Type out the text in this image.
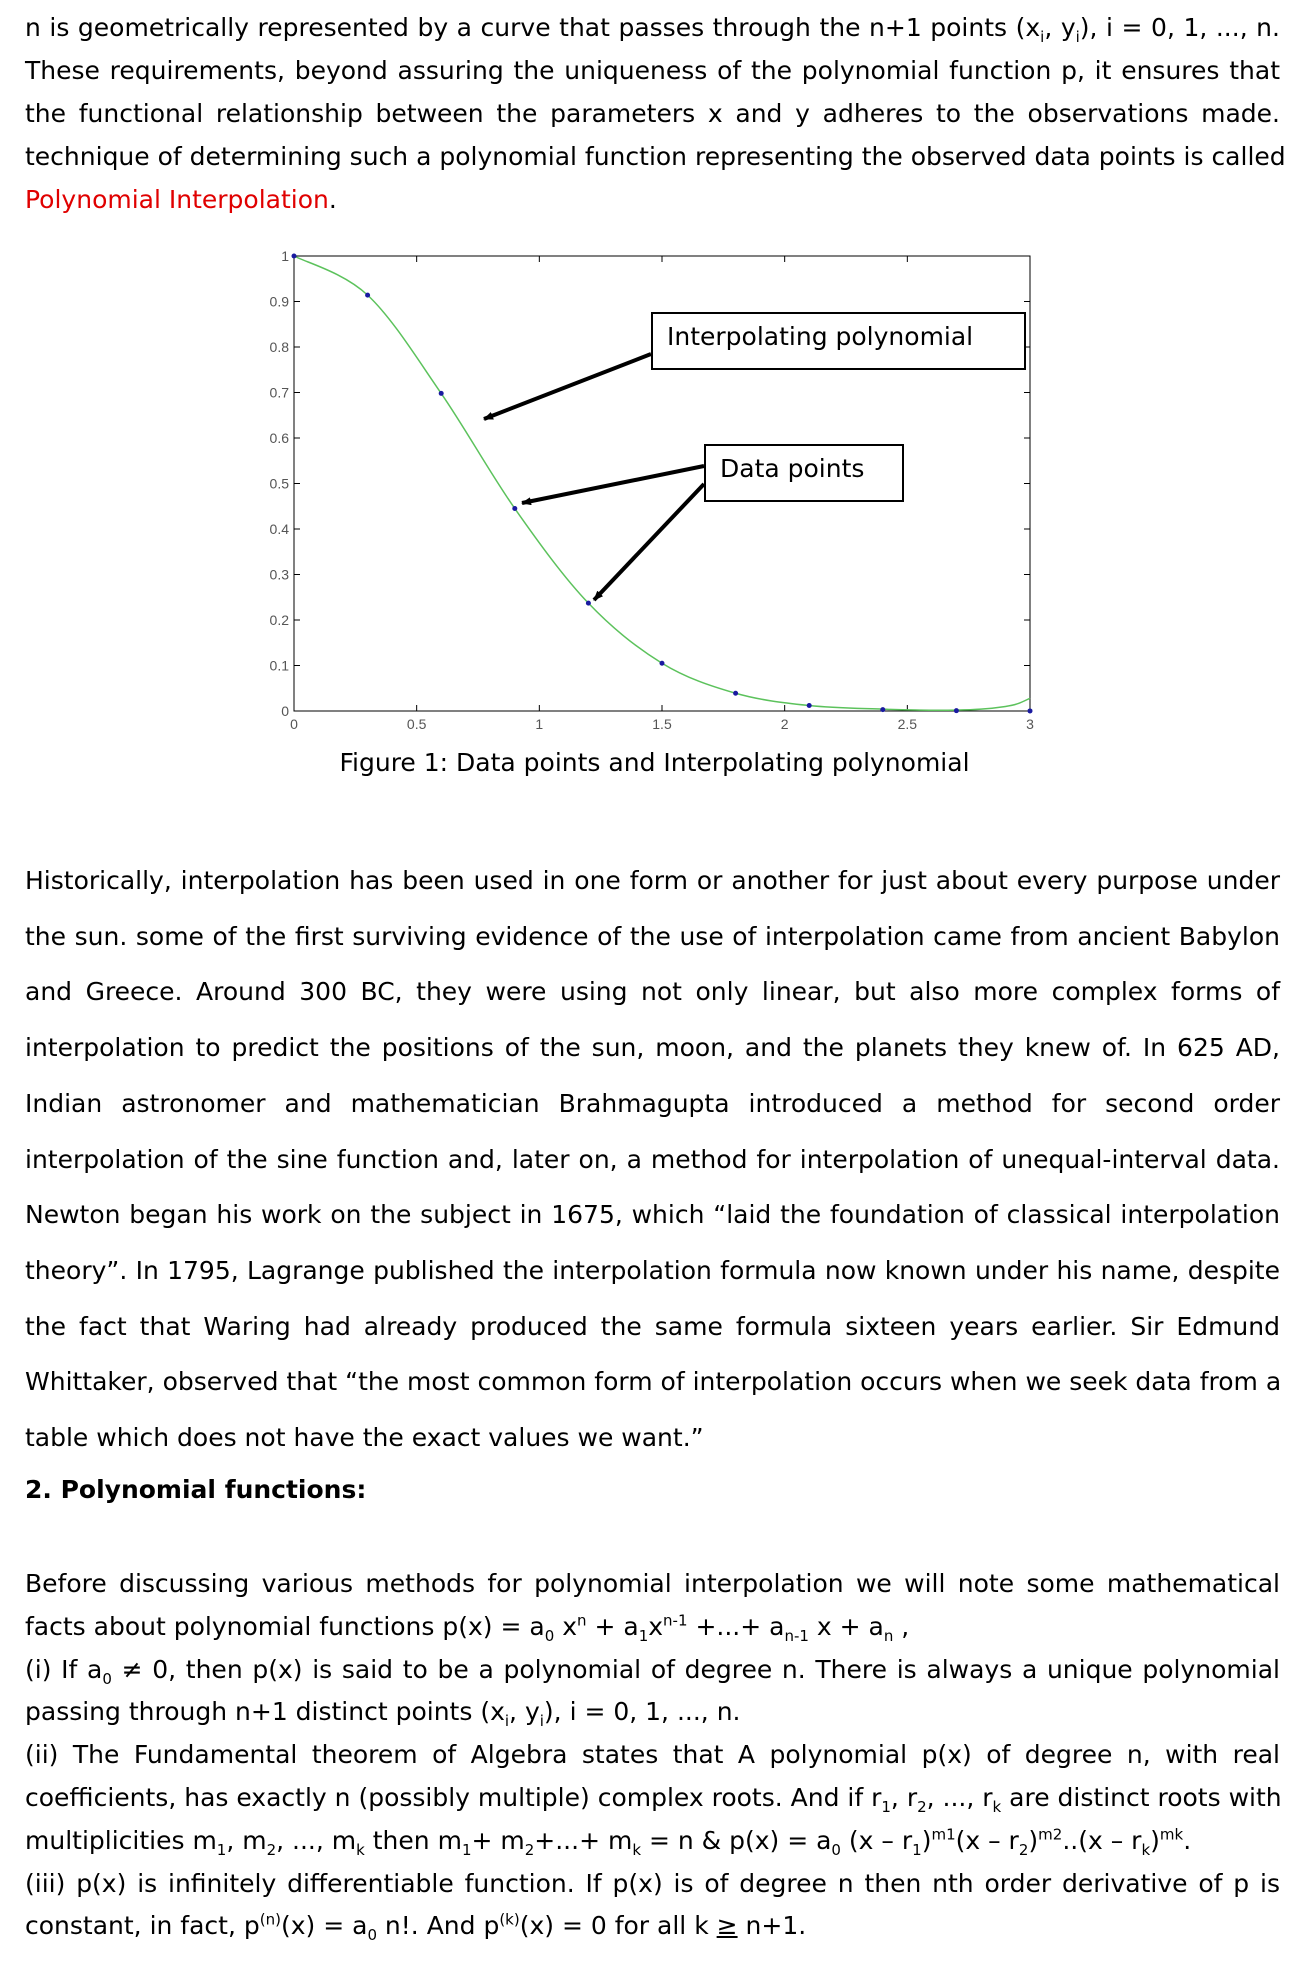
n is geometrically represented by a curve that passes through the n+1 points ($x_i$, $y_i$), i = 0, 1, ..., n.
These requirements, beyond assuring the uniqueness of the polynomial function p, it ensures that
the functional relationship between the parameters x and y adheres to the observations made.
technique of determining such a polynomial function representing the observed data points is called
Polynomial Interpolation.
0
0.1
0.2
0.3
0.4
0.5
0.6
0.7
0.8
0.9
1
0	0.5	1	1.5	2	2.5	3
Interpolating polynomial
Data points
Figure 1: Data points and Interpolating polynomial
Historically, interpolation has been used in one form or another for just about every purpose under
the sun. some of the first surviving evidence of the use of interpolation came from ancient Babylon
and Greece. Around 300 BC, they were using not only linear, but also more complex forms of
interpolation to predict the positions of the sun, moon, and the planets they knew of. In 625 AD,
Indian astronomer and mathematician Brahmagupta introduced a method for second order
interpolation of the sine function and, later on, a method for interpolation of unequal-interval data.
Newton began his work on the subject in 1675, which “laid the foundation of classical interpolation
theory”. In 1795, Lagrange published the interpolation formula now known under his name, despite
the fact that Waring had already produced the same formula sixteen years earlier. Sir Edmund
Whittaker, observed that “the most common form of interpolation occurs when we seek data from a
table which does not have the exact values we want.”
2. Polynomial functions:
Before discussing various methods for polynomial interpolation we will note some mathematical
facts about polynomial functions $p(x) = a_0$ $x^n + a_1x^{n-1}$ +...+ $a_{n-1}$ $x + a_n$ ,
(i) If $a_0 \ne 0$, then p(x) is said to be a polynomial of degree n. There is always a unique polynomial
passing through n+1 distinct points ($x_i$, $y_i$), i = 0, 1, ..., n.
(ii) The Fundamental theorem of Algebra states that A polynomial p(x) of degree n, with real
coefficients, has exactly n (possibly multiple) complex roots. And if $r_1$, $r_2$, ..., $r_k$ are distinct roots with
multiplicities $m_1$, $m_2$, ..., $m_k$ then $m_1+ m_2+...+ m_k = n$ & $p(x) = a_0$ $(x - r_1)^{m1}(x - r_2)^{m2}..(x - r_k)^{mk}$.
(iii) p(x) is infinitely differentiable function. If p(x) is of degree n then nth order derivative of p is
constant, in fact, $p^{(n)}(x) = a_0$ n!. And $p^{(k)}(x) = 0$ for all k ≥ n+1.
